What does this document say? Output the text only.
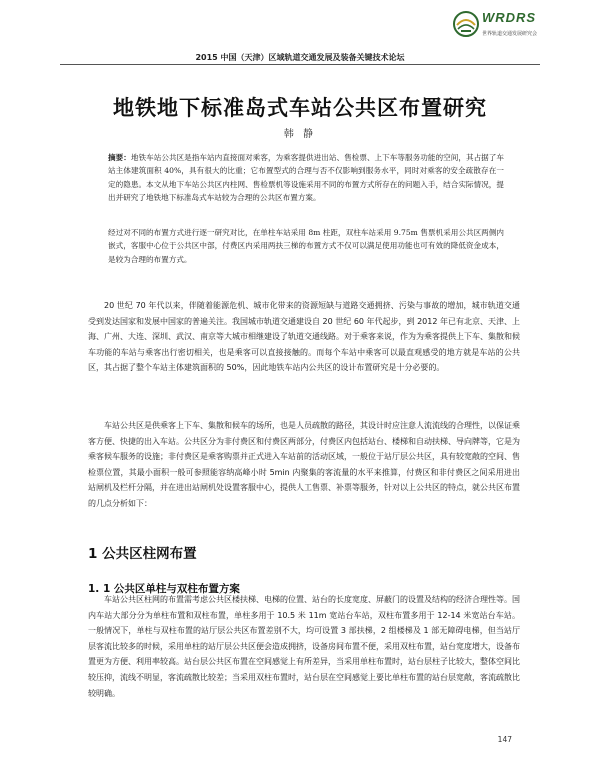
WRDRS
世界轨道交通发展研究会
2015 中国（天津）区域轨道交通发展及装备关键技术论坛
地铁地下标准岛式车站公共区布置研究
韩 静
摘要：地铁车站公共区是指车站内直接面对乘客，为乘客提供进出站、售检票、上下车等服务功能的空间，其占据了车站主体建筑面积 40%，具有很大的比重；它布置型式的合理与否不仅影响到服务水平，同时对乘客的安全疏散存在一定的隐患。本文从地下车站公共区内柱网、售检票机等设施采用不同的布置方式所存在的问题入手，结合实际情况，提出并研究了地铁地下标准岛式车站较为合理的公共区布置方案。
经过对不同的布置方式进行逐一研究对比，在单柱车站采用 8m 柱距，双柱车站采用 9.75m 售票机采用公共区两侧内嵌式，客服中心位于公共区中部，付费区内采用两扶三梯的布置方式不仅可以满足使用功能也可有效的降低资金成本，是较为合理的布置方式。
20 世纪 70 年代以来，伴随着能源危机、城市化带来的资源短缺与道路交通拥挤、污染与事故的增加，城市轨道交通受到发达国家和发展中国家的普遍关注。我国城市轨道交通建设自 20 世纪 60 年代起步，到 2012 年已有北京、天津、上海、广州、大连、深圳、武汉、南京等大城市相继建设了轨道交通线路。对于乘客来说，作为为乘客提供上下车、集散和候车功能的车站与乘客出行密切相关，也是乘客可以直接接触的。而每个车站中乘客可以最直观感受的地方就是车站的公共区，其占据了整个车站主体建筑面积的 50%，因此地铁车站内公共区的设计布置研究是十分必要的。
车站公共区是供乘客上下车、集散和候车的场所，也是人员疏散的路径，其设计时应注意人流流线的合理性，以保证乘客方便、快捷的出入车站。公共区分为非付费区和付费区两部分，付费区内包括站台、楼梯和自动扶梯、导向牌等，它是为乘客候车服务的设施；非付费区是乘客购票并正式进入车站前的活动区域，一般位于站厅层公共区，具有较宽敞的空间、售检票位置，其最小面积一般可参照能容纳高峰小时 5min 内聚集的客流量的水平来推算，付费区和非付费区之间采用进出站闸机及栏杆分隔，并在进出站闸机处设置客服中心，提供人工售票、补票等服务，针对以上公共区的特点，就公共区布置的几点分析如下：
1 公共区柱网布置
1. 1 公共区单柱与双柱布置方案
车站公共区柱网的布置需考虑公共区楼扶梯、电梯的位置、站台的长度宽度、屏蔽门的设置及结构的经济合理性等。国内车站大部分分为单柱布置和双柱布置，单柱多用于 10.5 米 11m 宽站台车站，双柱布置多用于 12-14 米宽站台车站。一般情况下，单柱与双柱布置的站厅层公共区布置差别不大，均可设置 3 部扶梯，2 组楼梯及 1 部无障碍电梯，但当站厅层客流比较多的时候，采用单柱的站厅层公共区便会造成拥挤，设备房间布置不便，采用双柱布置，站台宽度增大，设备布置更为方便、利用率较高。站台层公共区布置在空间感觉上有所差异，当采用单柱布置时，站台层柱子比较大，整体空间比较压抑，流线不明显，客流疏散比较差；当采用双柱布置时，站台层在空间感觉上要比单柱布置的站台层宽敞，客流疏散比较明确。
147
